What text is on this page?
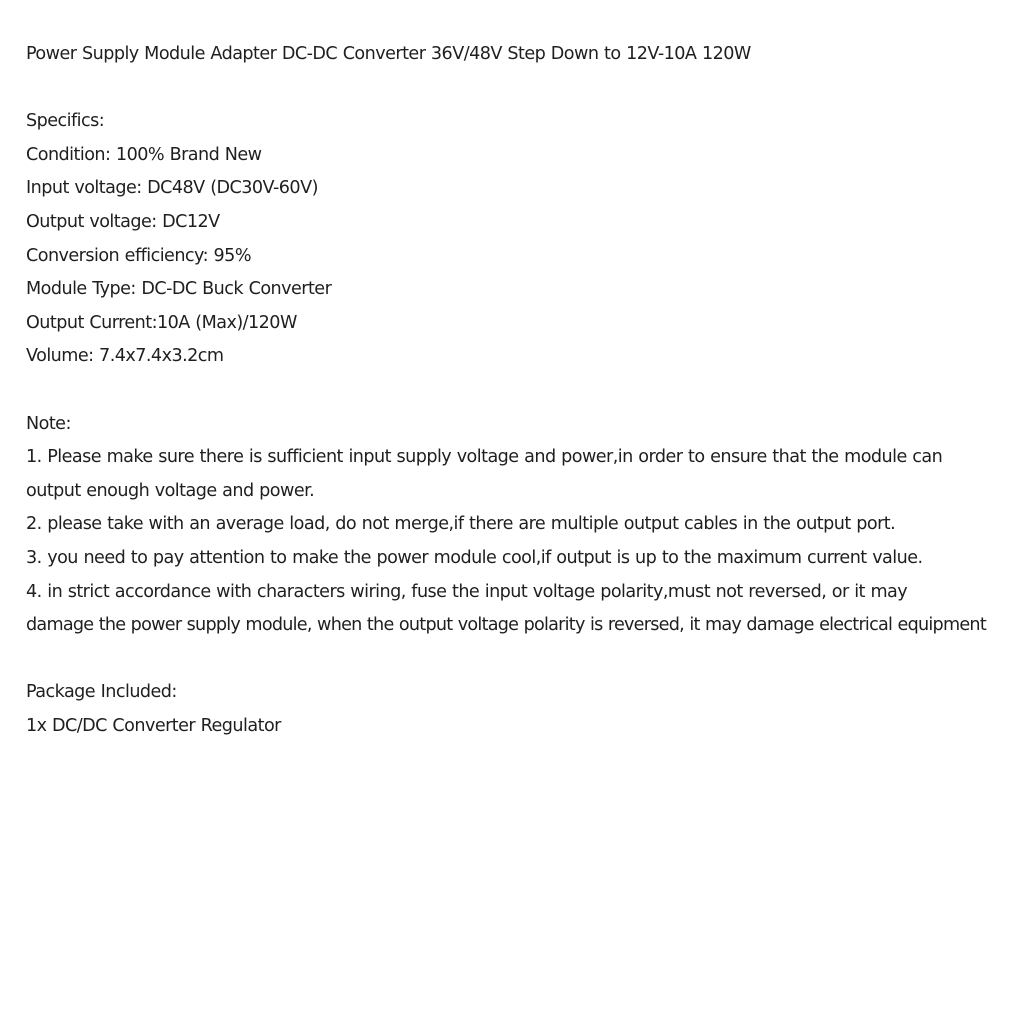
Power Supply Module Adapter DC-DC Converter 36V/48V Step Down to 12V-10A 120W
Specifics:
Condition: 100% Brand New
Input voltage: DC48V (DC30V-60V)
Output voltage: DC12V
Conversion efficiency: 95%
Module Type: DC-DC Buck Converter
Output Current:10A (Max)/120W
Volume: 7.4x7.4x3.2cm
Note:
1. Please make sure there is sufficient input supply voltage and power,in order to ensure that the module can
output enough voltage and power.
2. please take with an average load, do not merge,if there are multiple output cables in the output port.
3. you need to pay attention to make the power module cool,if output is up to the maximum current value.
4. in strict accordance with characters wiring, fuse the input voltage polarity,must not reversed, or it may
damage the power supply module, when the output voltage polarity is reversed, it may damage electrical equipment
Package Included:
1x DC/DC Converter Regulator
